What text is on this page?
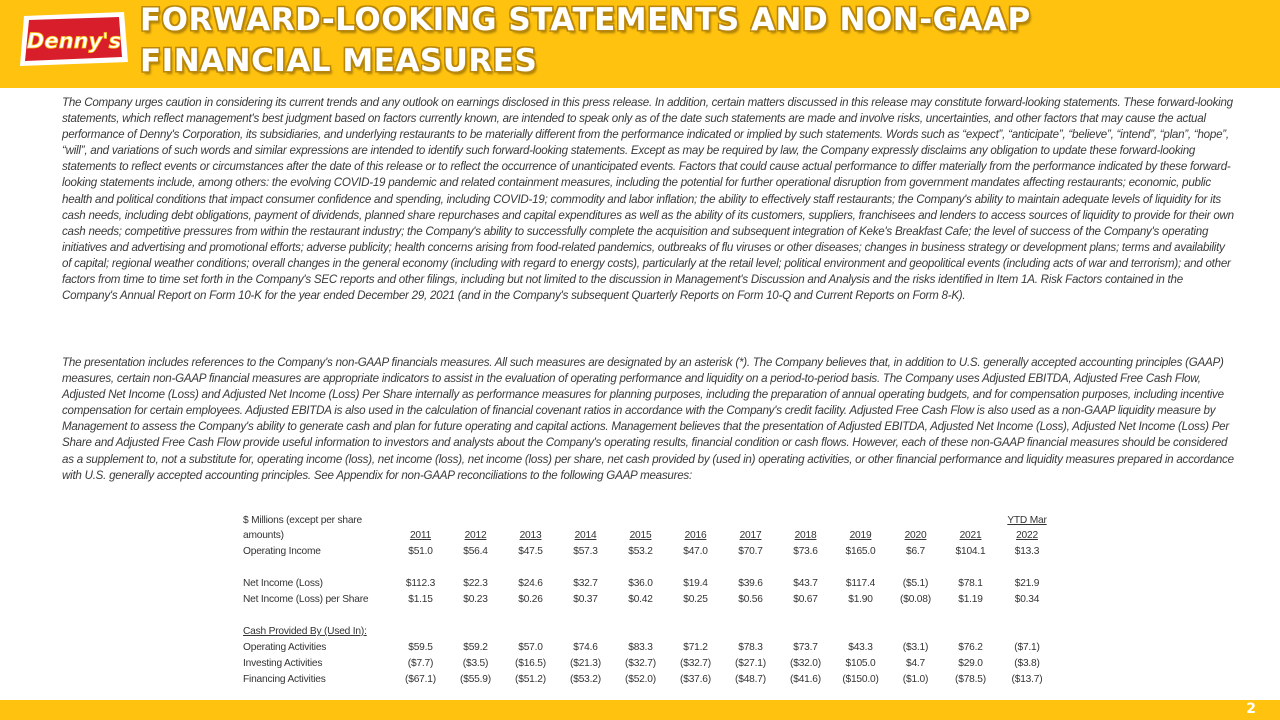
Denny's
FORWARD-LOOKING STATEMENTS AND NON-GAAP
FINANCIAL MEASURES

The Company urges caution in considering its current trends and any outlook on earnings disclosed in this press release. In addition, certain matters discussed in this release may constitute forward-looking statements. These forward-looking statements, which reflect management's best judgment based on factors currently known, are intended to speak only as of the date such statements are made and involve risks, uncertainties, and other factors that may cause the actual performance of Denny's Corporation, its subsidiaries, and underlying restaurants to be materially different from the performance indicated or implied by such statements. Words such as “expect”, “anticipate”, “believe”, “intend”, “plan”, “hope”, “will”, and variations of such words and similar expressions are intended to identify such forward-looking statements. Except as may be required by law, the Company expressly disclaims any obligation to update these forward-looking statements to reflect events or circumstances after the date of this release or to reflect the occurrence of unanticipated events. Factors that could cause actual performance to differ materially from the performance indicated by these forward-looking statements include, among others: the evolving COVID-19 pandemic and related containment measures, including the potential for further operational disruption from government mandates affecting restaurants; economic, public health and political conditions that impact consumer confidence and spending, including COVID-19; commodity and labor inflation; the ability to effectively staff restaurants; the Company's ability to maintain adequate levels of liquidity for its cash needs, including debt obligations, payment of dividends, planned share repurchases and capital expenditures as well as the ability of its customers, suppliers, franchisees and lenders to access sources of liquidity to provide for their own cash needs; competitive pressures from within the restaurant industry; the Company's ability to successfully complete the acquisition and subsequent integration of Keke's Breakfast Cafe; the level of success of the Company's operating initiatives and advertising and promotional efforts; adverse publicity; health concerns arising from food-related pandemics, outbreaks of flu viruses or other diseases; changes in business strategy or development plans; terms and availability of capital; regional weather conditions; overall changes in the general economy (including with regard to energy costs), particularly at the retail level; political environment and geopolitical events (including acts of war and terrorism); and other factors from time to time set forth in the Company's SEC reports and other filings, including but not limited to the discussion in Management's Discussion and Analysis and the risks identified in Item 1A. Risk Factors contained in the Company's Annual Report on Form 10-K for the year ended December 29, 2021 (and in the Company's subsequent Quarterly Reports on Form 10-Q and Current Reports on Form 8-K).

The presentation includes references to the Company's non-GAAP financials measures. All such measures are designated by an asterisk (*). The Company believes that, in addition to U.S. generally accepted accounting principles (GAAP) measures, certain non-GAAP financial measures are appropriate indicators to assist in the evaluation of operating performance and liquidity on a period-to-period basis. The Company uses Adjusted EBITDA, Adjusted Free Cash Flow, Adjusted Net Income (Loss) and Adjusted Net Income (Loss) Per Share internally as performance measures for planning purposes, including the preparation of annual operating budgets, and for compensation purposes, including incentive compensation for certain employees. Adjusted EBITDA is also used in the calculation of financial covenant ratios in accordance with the Company's credit facility. Adjusted Free Cash Flow is also used as a non-GAAP liquidity measure by Management to assess the Company's ability to generate cash and plan for future operating and capital actions. Management believes that the presentation of Adjusted EBITDA, Adjusted Net Income (Loss), Adjusted Net Income (Loss) Per Share and Adjusted Free Cash Flow provide useful information to investors and analysts about the Company's operating results, financial condition or cash flows. However, each of these non-GAAP financial measures should be considered as a supplement to, not a substitute for, operating income (loss), net income (loss), net income (loss) per share, net cash provided by (used in) operating activities, or other financial performance and liquidity measures prepared in accordance with U.S. generally accepted accounting principles. See Appendix for non-GAAP reconciliations to the following GAAP measures:

$ Millions (except per share												YTD Mar
amounts)	2011	2012	2013	2014	2015	2016	2017	2018	2019	2020	2021	2022
Operating Income	$51.0	$56.4	$47.5	$57.3	$53.2	$47.0	$70.7	$73.6	$165.0	$6.7	$104.1	$13.3

Net Income (Loss)	$112.3	$22.3	$24.6	$32.7	$36.0	$19.4	$39.6	$43.7	$117.4	($5.1)	$78.1	$21.9
Net Income (Loss) per Share	$1.15	$0.23	$0.26	$0.37	$0.42	$0.25	$0.56	$0.67	$1.90	($0.08)	$1.19	$0.34

Cash Provided By (Used In):												
Operating Activities	$59.5	$59.2	$57.0	$74.6	$83.3	$71.2	$78.3	$73.7	$43.3	($3.1)	$76.2	($7.1)
Investing Activities	($7.7)	($3.5)	($16.5)	($21.3)	($32.7)	($32.7)	($27.1)	($32.0)	$105.0	$4.7	$29.0	($3.8)
Financing Activities	($67.1)	($55.9)	($51.2)	($53.2)	($52.0)	($37.6)	($48.7)	($41.6)	($150.0)	($1.0)	($78.5)	($13.7)
2
